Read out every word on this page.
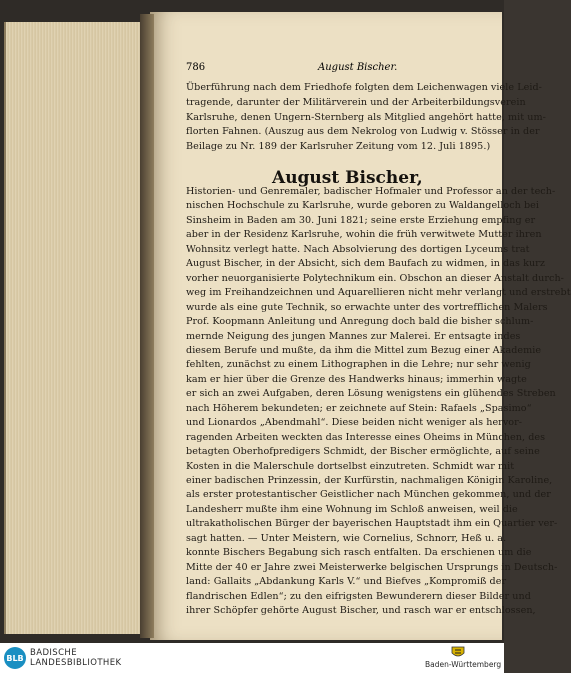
786	August Bischer.
Überführung nach dem Friedhofe folgten dem Leichenwagen viele Leid-
tragende, darunter der Militärverein und der Arbeiterbildungsverein
Karlsruhe, denen Ungern-Sternberg als Mitglied angehört hatte, mit um-
florten Fahnen. (Auszug aus dem Nekrolog von Ludwig v. Stösser in der
Beilage zu Nr. 189 der Karlsruher Zeitung vom 12. Juli 1895.)
August Bischer,
Historien- und Genremaler, badischer Hofmaler und Professor an der tech-
nischen Hochschule zu Karlsruhe, wurde geboren zu Waldangelloch bei
Sinsheim in Baden am 30. Juni 1821; seine erste Erziehung empfing er
aber in der Residenz Karlsruhe, wohin die früh verwitwete Mutter ihren
Wohnsitz verlegt hatte. Nach Absolvierung des dortigen Lyceums trat
August Bischer, in der Absicht, sich dem Baufach zu widmen, in das kurz
vorher neuorganisierte Polytechnikum ein. Obschon an dieser Anstalt durch-
weg im Freihandzeichnen und Aquarellieren nicht mehr verlangt und erstrebt
wurde als eine gute Technik, so erwachte unter des vortrefflichen Malers
Prof. Koopmann Anleitung und Anregung doch bald die bisher schlum-
mernde Neigung des jungen Mannes zur Malerei. Er entsagte indes
diesem Berufe und mußte, da ihm die Mittel zum Bezug einer Akademie
fehlten, zunächst zu einem Lithographen in die Lehre; nur sehr wenig
kam er hier über die Grenze des Handwerks hinaus; immerhin wagte
er sich an zwei Aufgaben, deren Lösung wenigstens ein glühendes Streben
nach Höherem bekundeten; er zeichnete auf Stein: Rafaels „Spasimo“
und Lionardos „Abendmahl“. Diese beiden nicht weniger als hervor-
ragenden Arbeiten weckten das Interesse eines Oheims in München, des
betagten Oberhofpredigers Schmidt, der Bischer ermöglichte, auf seine
Kosten in die Malerschule dortselbst einzutreten. Schmidt war mit
einer badischen Prinzessin, der Kurfürstin, nachmaligen Königin Karoline,
als erster protestantischer Geistlicher nach München gekommen, und der
Landesherr mußte ihm eine Wohnung im Schloß anweisen, weil die
ultrakatholischen Bürger der bayerischen Hauptstadt ihm ein Quartier ver-
sagt hatten. — Unter Meistern, wie Cornelius, Schnorr, Heß u. a.
konnte Bischers Begabung sich rasch entfalten. Da erschienen um die
Mitte der 40 er Jahre zwei Meisterwerke belgischen Ursprungs in Deutsch-
land: Gallaits „Abdankung Karls V.“ und Biefves „Kompromiß der
flandrischen Edlen“; zu den eifrigsten Bewunderern dieser Bilder und
ihrer Schöpfer gehörte August Bischer, und rasch war er entschlossen,
BLB BADISCHE
LANDESBIBLIOTHEK	Baden-Württemberg
